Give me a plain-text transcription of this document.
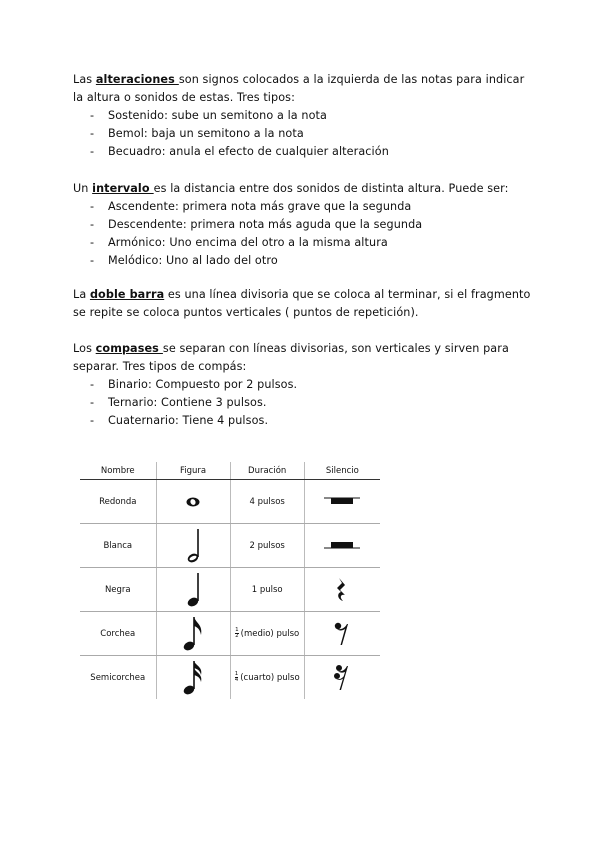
Las alteraciones son signos colocados a la izquierda de las notas para indicar la altura o sonidos de estas. Tres tipos:

- Sostenido: sube un semitono a la nota
- Bemol: baja un semitono a la nota
- Becuadro: anula el efecto de cualquier alteración

Un intervalo es la distancia entre dos sonidos de distinta altura. Puede ser:

- Ascendente: primera nota más grave que la segunda
- Descendente: primera nota más aguda que la segunda
- Armónico: Uno encima del otro a la misma altura
- Melódico: Uno al lado del otro

La doble barra es una línea divisoria que se coloca al terminar, si el fragmento se repite se coloca puntos verticales ( puntos de repetición).

Los compases se separan con líneas divisorias, son verticales y sirven para separar. Tres tipos de compás:

- Binario: Compuesto por 2 pulsos.
- Ternario: Contiene 3 pulsos.
- Cuaternario: Tiene 4 pulsos.
Nombre	Figura	Duración	Silencio
Redonda		4 pulsos	

Blanca		2 pulsos	

Negra		1 pulso	

Corchea		$\frac{1}{2}$ (medio) pulso	

Semicorchea		$\frac{1}{4}$ (cuarto) pulso	
